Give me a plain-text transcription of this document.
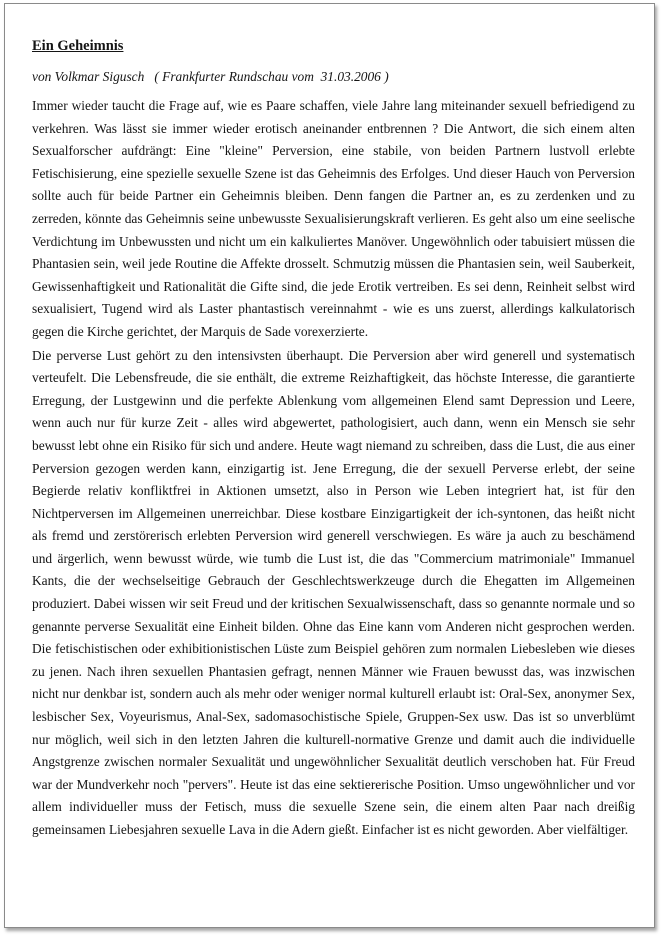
Ein Geheimnis

von Volkmar Sigusch   ( Frankfurter Rundschau vom  31.03.2006 )

Immer wieder taucht die Frage auf, wie es Paare schaffen, viele Jahre lang miteinander sexuell befriedigend zu verkehren. Was lässt sie immer wieder erotisch aneinander entbrennen ? Die Antwort, die sich einem alten Sexualforscher aufdrängt: Eine "kleine" Perversion, eine stabile, von beiden Partnern lustvoll erlebte Fetischisierung, eine spezielle sexuelle Szene ist das Geheimnis des Erfolges. Und dieser Hauch von Perversion sollte auch für beide Partner ein Geheimnis bleiben. Denn fangen die Partner an, es zu zerdenken und zu zerreden, könnte das Geheimnis seine unbewusste Sexualisierungskraft verlieren. Es geht also um eine seelische Verdichtung im Unbewussten und nicht um ein kalkuliertes Manöver. Ungewöhnlich oder tabuisiert müssen die Phantasien sein, weil jede Routine die Affekte drosselt. Schmutzig müssen die Phantasien sein, weil Sauberkeit, Gewissenhaftigkeit und Rationalität die Gifte sind, die jede Erotik vertreiben. Es sei denn, Reinheit selbst wird sexualisiert, Tugend wird als Laster phantastisch vereinnahmt - wie es uns zuerst, allerdings kalkulatorisch gegen die Kirche gerichtet, der Marquis de Sade vorexerzierte.

Die perverse Lust gehört zu den intensivsten überhaupt. Die Perversion aber wird generell und systematisch verteufelt. Die Lebensfreude, die sie enthält, die extreme Reizhaftigkeit, das höchste Interesse, die garantierte Erregung, der Lustgewinn und die perfekte Ablenkung vom allgemeinen Elend samt Depression und Leere, wenn auch nur für kurze Zeit - alles wird abgewertet, pathologisiert, auch dann, wenn ein Mensch sie sehr bewusst lebt ohne ein Risiko für sich und andere. Heute wagt niemand zu schreiben, dass die Lust, die aus einer Perversion gezogen werden kann, einzigartig ist. Jene Erregung, die der sexuell Perverse erlebt, der seine Begierde relativ konfliktfrei in Aktionen umsetzt, also in Person wie Leben integriert hat, ist für den Nichtperversen im Allgemeinen unerreichbar. Diese kostbare Einzigartigkeit der ich-syntonen, das heißt nicht als fremd und zerstörerisch erlebten Perversion wird generell verschwiegen. Es wäre ja auch zu beschämend und ärgerlich, wenn bewusst würde, wie tumb die Lust ist, die das "Commercium matrimoniale" Immanuel Kants, die der wechselseitige Gebrauch der Geschlechtswerkzeuge durch die Ehegatten im Allgemeinen produziert. Dabei wissen wir seit Freud und der kritischen Sexualwissenschaft, dass so genannte normale und so genannte perverse Sexualität eine Einheit bilden. Ohne das Eine kann vom Anderen nicht gesprochen werden. Die fetischistischen oder exhibitionistischen Lüste zum Beispiel gehören zum normalen Liebesleben wie dieses zu jenen. Nach ihren sexuellen Phantasien gefragt, nennen Männer wie Frauen bewusst das, was inzwischen nicht nur denkbar ist, sondern auch als mehr oder weniger normal kulturell erlaubt ist: Oral-Sex, anonymer Sex, lesbischer Sex, Voyeurismus, Anal-Sex, sadomasochistische Spiele, Gruppen-Sex usw. Das ist so unverblümt nur möglich, weil sich in den letzten Jahren die kulturell-normative Grenze und damit auch die individuelle Angstgrenze zwischen normaler Sexualität und ungewöhnlicher Sexualität deutlich verschoben hat. Für Freud war der Mundverkehr noch "pervers". Heute ist das eine sektiererische Position. Umso ungewöhnlicher und vor allem individueller muss der Fetisch, muss die sexuelle Szene sein, die einem alten Paar nach dreißig gemeinsamen Liebesjahren sexuelle Lava in die Adern gießt. Einfacher ist es nicht geworden. Aber vielfältiger.
